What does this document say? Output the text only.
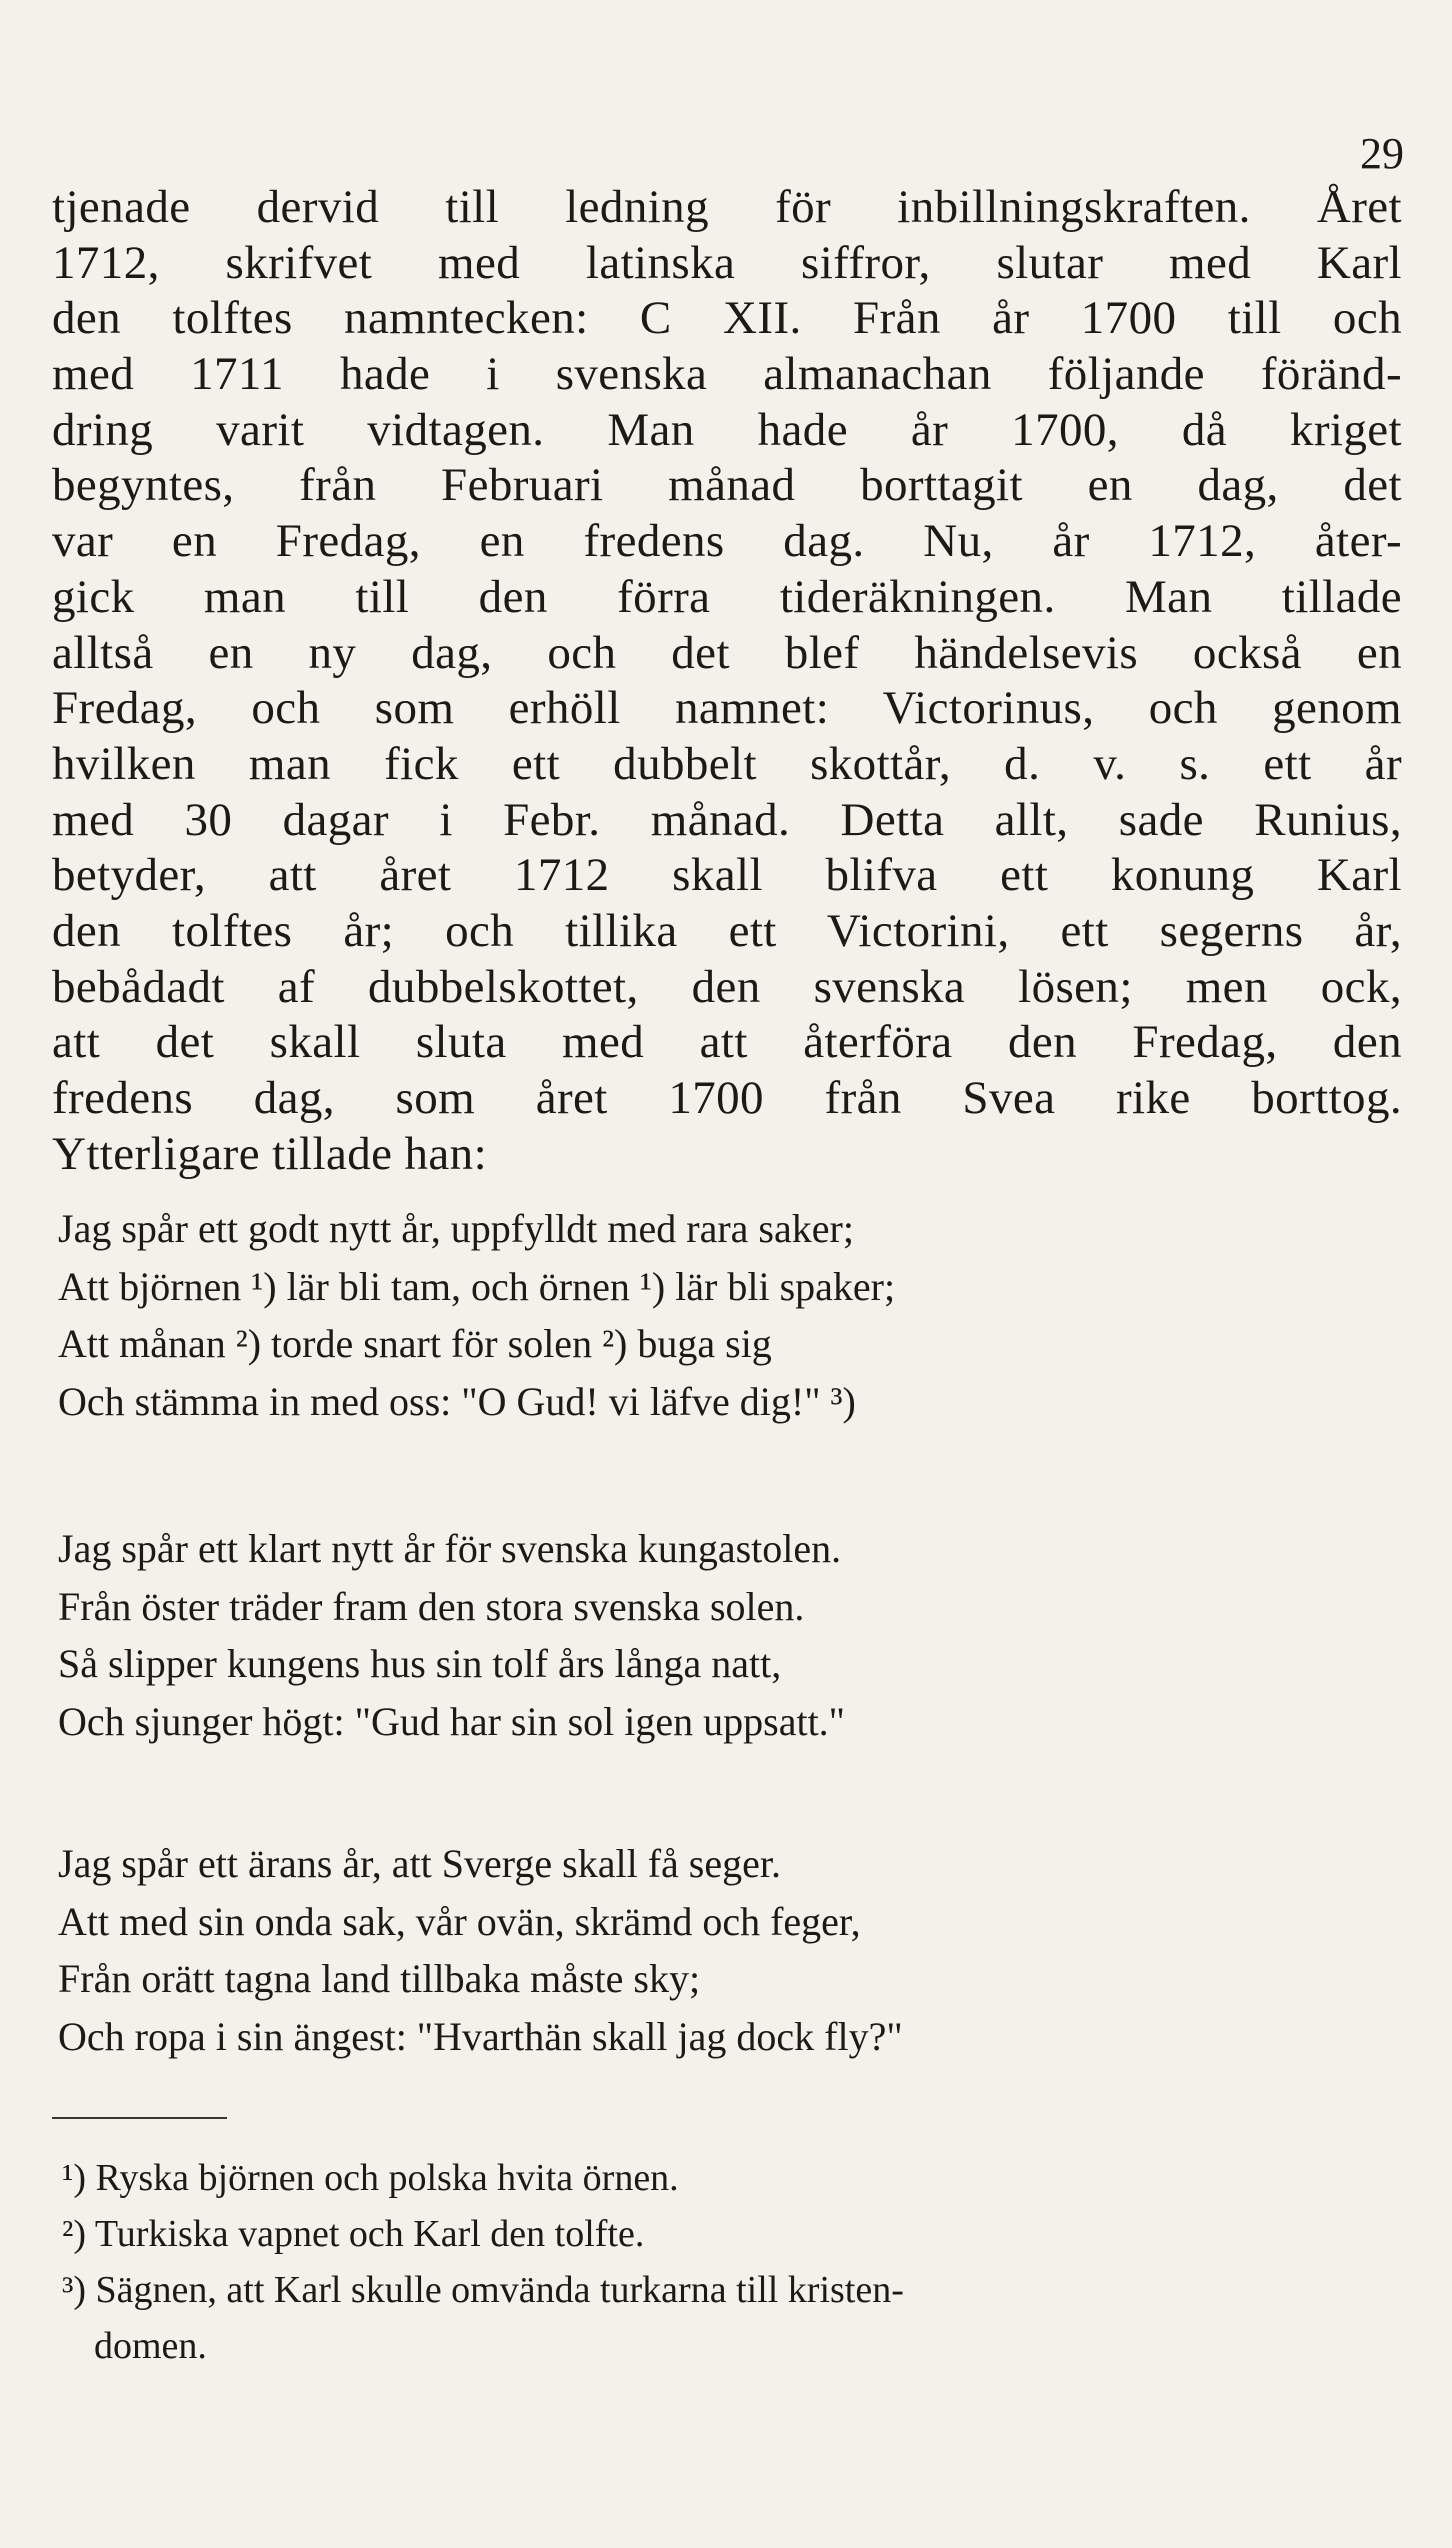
29
tjenade dervid till ledning för inbillningskraften. Året
1712, skrifvet med latinska siffror, slutar med Karl
den tolftes namntecken: C XII. Från år 1700 till och
med 1711 hade i svenska almanachan följande föränd-
dring varit vidtagen. Man hade år 1700, då kriget
begyntes, från Februari månad borttagit en dag, det
var en Fredag, en fredens dag. Nu, år 1712, åter-
gick man till den förra tideräkningen. Man tillade
alltså en ny dag, och det blef händelsevis också en
Fredag, och som erhöll namnet: Victorinus, och genom
hvilken man fick ett dubbelt skottår, d. v. s. ett år
med 30 dagar i Febr. månad. Detta allt, sade Runius,
betyder, att året 1712 skall blifva ett konung Karl
den tolftes år; och tillika ett Victorini, ett segerns år,
bebådadt af dubbelskottet, den svenska lösen; men ock,
att det skall sluta med att återföra den Fredag, den
fredens dag, som året 1700 från Svea rike borttog.
Ytterligare tillade han:
Jag spår ett godt nytt år, uppfylldt med rara saker;
Att björnen ¹) lär bli tam, och örnen ¹) lär bli spaker;
Att månan ²) torde snart för solen ²) buga sig
Och stämma in med oss: "O Gud! vi läfve dig!" ³)
Jag spår ett klart nytt år för svenska kungastolen.
Från öster träder fram den stora svenska solen.
Så slipper kungens hus sin tolf års långa natt,
Och sjunger högt: "Gud har sin sol igen uppsatt."
Jag spår ett ärans år, att Sverge skall få seger.
Att med sin onda sak, vår ovän, skrämd och feger,
Från orätt tagna land tillbaka måste sky;
Och ropa i sin ängest: "Hvarthän skall jag dock fly?"
¹) Ryska björnen och polska hvita örnen.
²) Turkiska vapnet och Karl den tolfte.
³) Sägnen, att Karl skulle omvända turkarna till kristen-
domen.
